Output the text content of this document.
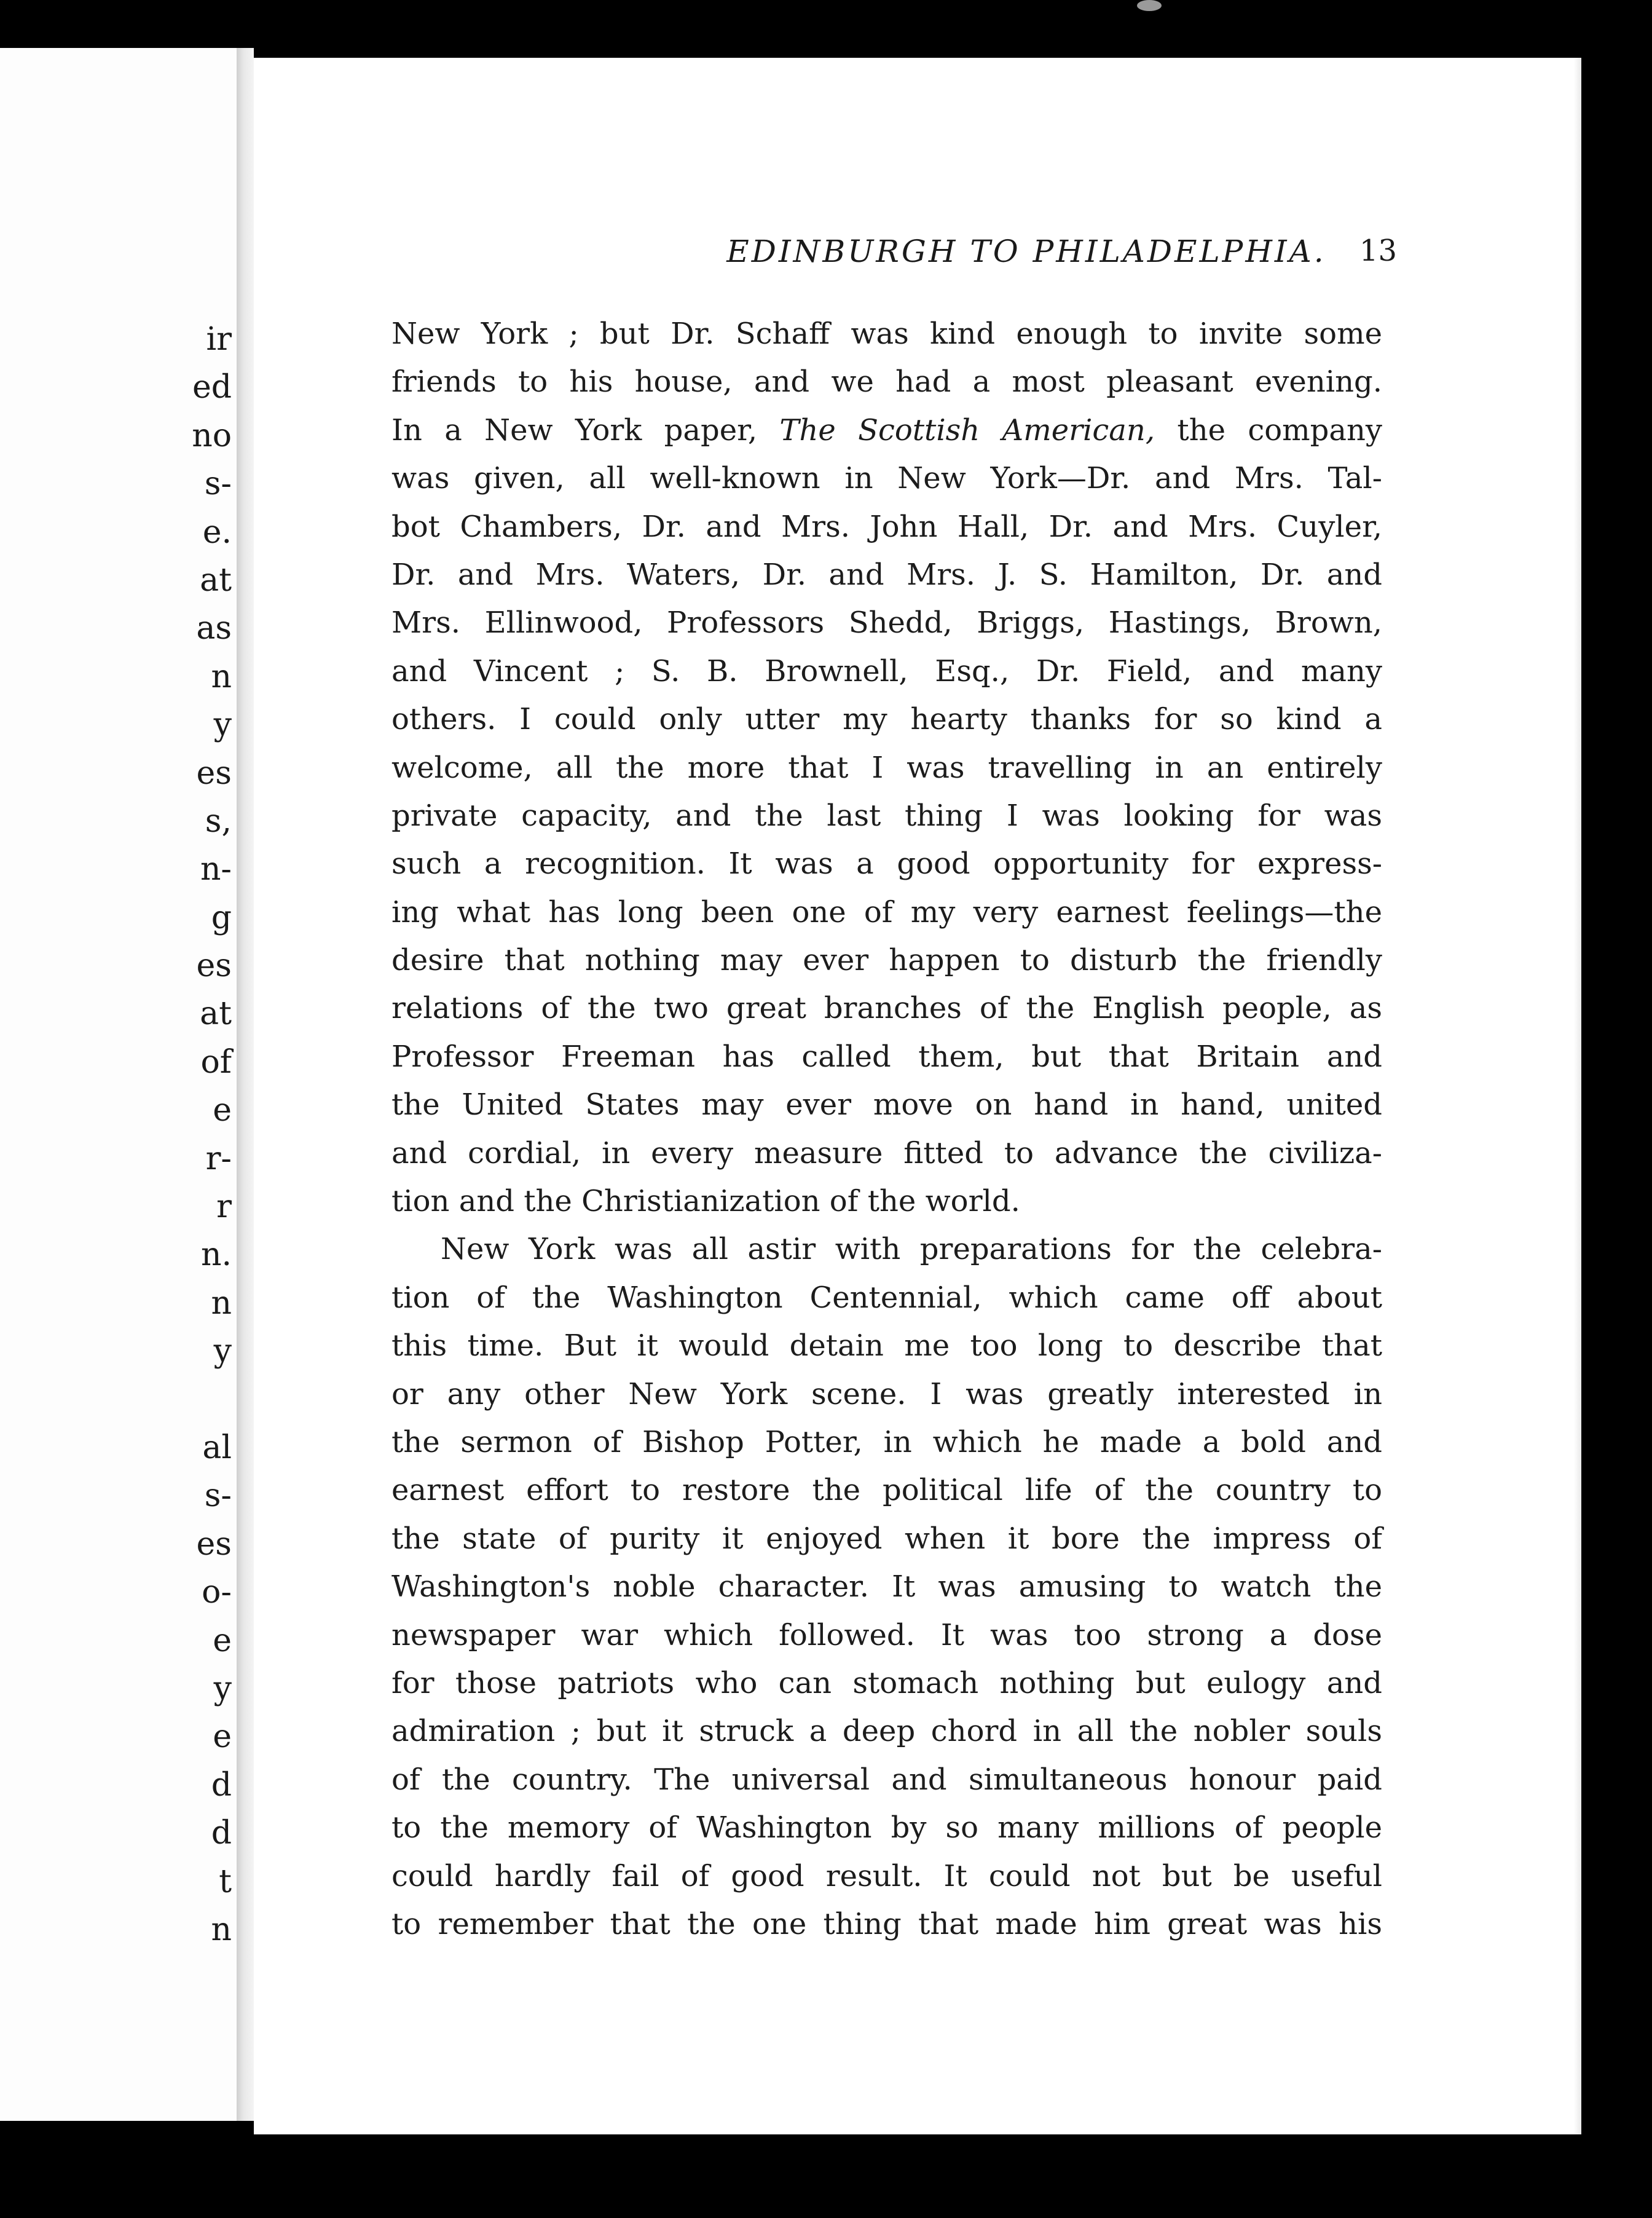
ir
ed
no
s-
e.
at
as
n
y
es
s,
n-
g
es
at
of
e
r-
r
n.
n
y
al
s-
es
o-
e
y
e
d
d
t
n
EDINBURGH TO PHILADELPHIA.	13
New York ; but Dr. Schaff was kind enough to invite some
friends to his house, and we had a most pleasant evening.
In a New York paper, The Scottish American, the company
was given, all well-known in New York—Dr. and Mrs. Tal-
bot Chambers, Dr. and Mrs. John Hall, Dr. and Mrs. Cuyler,
Dr. and Mrs. Waters, Dr. and Mrs. J. S. Hamilton, Dr. and
Mrs. Ellinwood, Professors Shedd, Briggs, Hastings, Brown,
and Vincent ; S. B. Brownell, Esq., Dr. Field, and many
others. I could only utter my hearty thanks for so kind a
welcome, all the more that I was travelling in an entirely
private capacity, and the last thing I was looking for was
such a recognition. It was a good opportunity for express-
ing what has long been one of my very earnest feelings—the
desire that nothing may ever happen to disturb the friendly
relations of the two great branches of the English people, as
Professor Freeman has called them, but that Britain and
the United States may ever move on hand in hand, united
and cordial, in every measure fitted to advance the civiliza-
tion and the Christianization of the world.
New York was all astir with preparations for the celebra-
tion of the Washington Centennial, which came off about
this time. But it would detain me too long to describe that
or any other New York scene. I was greatly interested in
the sermon of Bishop Potter, in which he made a bold and
earnest effort to restore the political life of the country to
the state of purity it enjoyed when it bore the impress of
Washington's noble character. It was amusing to watch the
newspaper war which followed. It was too strong a dose
for those patriots who can stomach nothing but eulogy and
admiration ; but it struck a deep chord in all the nobler souls
of the country. The universal and simultaneous honour paid
to the memory of Washington by so many millions of people
could hardly fail of good result. It could not but be useful
to remember that the one thing that made him great was his
